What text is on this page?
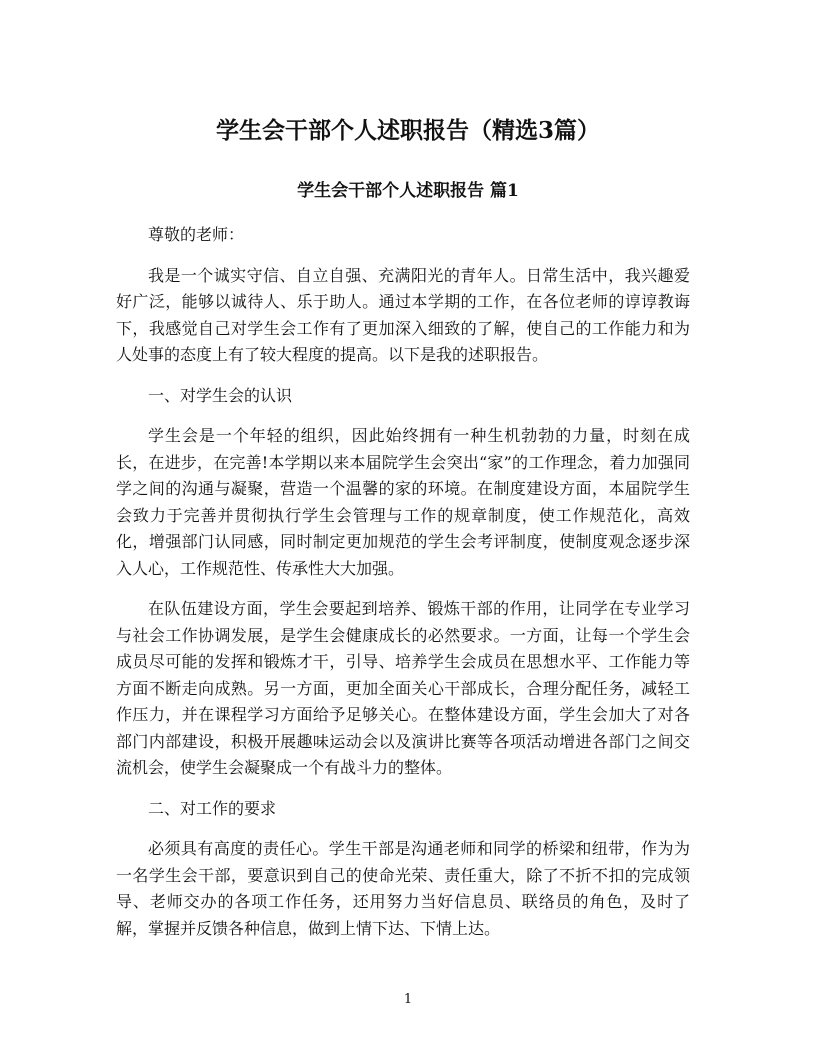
学生会干部个人述职报告（精选3篇）
学生会干部个人述职报告 篇1

尊敬的老师：

我是一个诚实守信、自立自强、充满阳光的青年人。日常生活中，我兴趣爱好广泛，能够以诚待人、乐于助人。通过本学期的工作，在各位老师的谆谆教诲下，我感觉自己对学生会工作有了更加深入细致的了解，使自己的工作能力和为人处事的态度上有了较大程度的提高。以下是我的述职报告。

一、对学生会的认识

学生会是一个年轻的组织，因此始终拥有一种生机勃勃的力量，时刻在成长，在进步，在完善!本学期以来本届院学生会突出“家”的工作理念，着力加强同学之间的沟通与凝聚，营造一个温馨的家的环境。在制度建设方面，本届院学生会致力于完善并贯彻执行学生会管理与工作的规章制度，使工作规范化，高效化，增强部门认同感，同时制定更加规范的学生会考评制度，使制度观念逐步深入人心，工作规范性、传承性大大加强。

在队伍建设方面，学生会要起到培养、锻炼干部的作用，让同学在专业学习与社会工作协调发展，是学生会健康成长的必然要求。一方面，让每一个学生会成员尽可能的发挥和锻炼才干，引导、培养学生会成员在思想水平、工作能力等方面不断走向成熟。另一方面，更加全面关心干部成长，合理分配任务，减轻工作压力，并在课程学习方面给予足够关心。在整体建设方面，学生会加大了对各部门内部建设，积极开展趣味运动会以及演讲比赛等各项活动增进各部门之间交流机会，使学生会凝聚成一个有战斗力的整体。

二、对工作的要求

必须具有高度的责任心。学生干部是沟通老师和同学的桥梁和纽带，作为为一名学生会干部，要意识到自己的使命光荣、责任重大，除了不折不扣的完成领导、老师交办的各项工作任务，还用努力当好信息员、联络员的角色，及时了解，掌握并反馈各种信息，做到上情下达、下情上达。

1
